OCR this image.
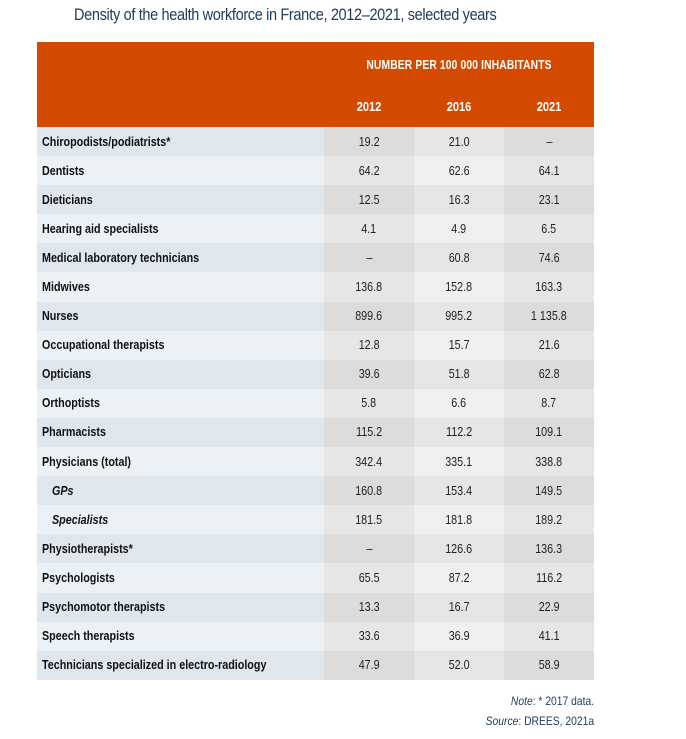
Density of the health workforce in France, 2012–2021, selected years
NUMBER PER 100 000 INHABITANTS
2012	2016	2021
Chiropodists/podiatrists*	19.2	21.0	–
Dentists	64.2	62.6	64.1
Dieticians	12.5	16.3	23.1
Hearing aid specialists	4.1	4.9	6.5
Medical laboratory technicians	–	60.8	74.6
Midwives	136.8	152.8	163.3
Nurses	899.6	995.2	1 135.8
Occupational therapists	12.8	15.7	21.6
Opticians	39.6	51.8	62.8
Orthoptists	5.8	6.6	8.7
Pharmacists	115.2	112.2	109.1
Physicians (total)	342.4	335.1	338.8
GPs	160.8	153.4	149.5
Specialists	181.5	181.8	189.2
Physiotherapists*	–	126.6	136.3
Psychologists	65.5	87.2	116.2
Psychomotor therapists	13.3	16.7	22.9
Speech therapists	33.6	36.9	41.1
Technicians specialized in electro-radiology	47.9	52.0	58.9
Note: * 2017 data.
Source: DREES, 2021a
